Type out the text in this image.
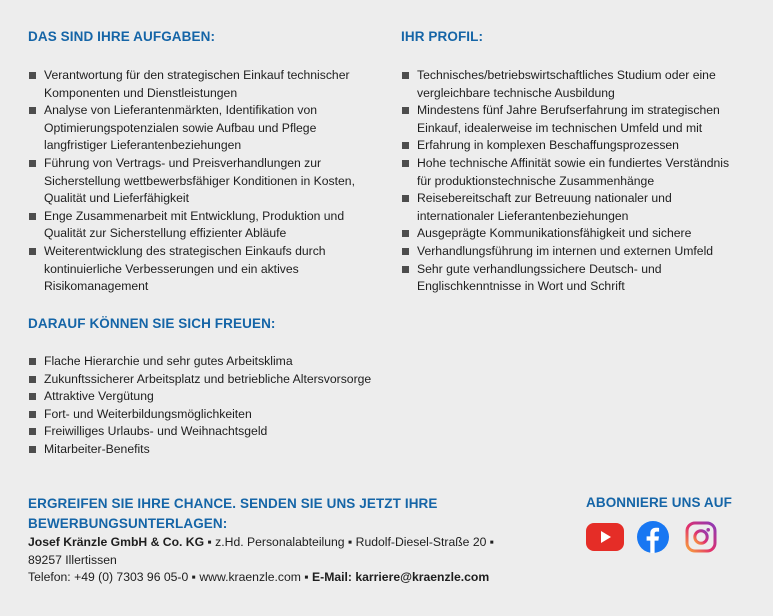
DAS SIND IHRE AUFGABEN:
Verantwortung für den strategischen Einkauf technischer Komponenten und Dienstleistungen
Analyse von Lieferantenmärkten, Identifikation von Optimierungspotenzialen sowie Aufbau und Pflege langfristiger Lieferantenbeziehungen
Führung von Vertrags- und Preisverhandlungen zur Sicherstellung wettbewerbsfähiger Konditionen in Kosten, Qualität und Lieferfähigkeit
Enge Zusammenarbeit mit Entwicklung, Produktion und Qualität zur Sicherstellung effizienter Abläufe
Weiterentwicklung des strategischen Einkaufs durch kontinuierliche Verbesserungen und ein aktives Risikomanagement
IHR PROFIL:
Technisches/betriebswirtschaftliches Studium oder eine vergleichbare technische Ausbildung
Mindestens fünf Jahre Berufserfahrung im strategischen Einkauf, idealerweise im technischen Umfeld und mit
Erfahrung in komplexen Beschaffungsprozessen
Hohe technische Affinität sowie ein fundiertes Verständnis für produktionstechnische Zusammenhänge
Reisebereitschaft zur Betreuung nationaler und internationaler Lieferantenbeziehungen
Ausgeprägte Kommunikationsfähigkeit und sichere
Verhandlungsführung im internen und externen Umfeld
Sehr gute verhandlungssichere Deutsch- und Englischkenntnisse in Wort und Schrift
DARAUF KÖNNEN SIE SICH FREUEN:
Flache Hierarchie und sehr gutes Arbeitsklima
Zukunftssicherer Arbeitsplatz und betriebliche Altersvorsorge
Attraktive Vergütung
Fort- und Weiterbildungsmöglichkeiten
Freiwilliges Urlaubs- und Weihnachtsgeld
Mitarbeiter-Benefits
ERGREIFEN SIE IHRE CHANCE. SENDEN SIE UNS JETZT IHRE BEWERBUNGSUNTERLAGEN:
Josef Kränzle GmbH & Co. KG ▪ z.Hd. Personalabteilung ▪ Rudolf-Diesel-Straße 20 ▪ 89257 Illertissen
Telefon: +49 (0) 7303 96 05-0 ▪ www.kraenzle.com ▪ E-Mail: karriere@kraenzle.com
ABONNIERE UNS AUF
